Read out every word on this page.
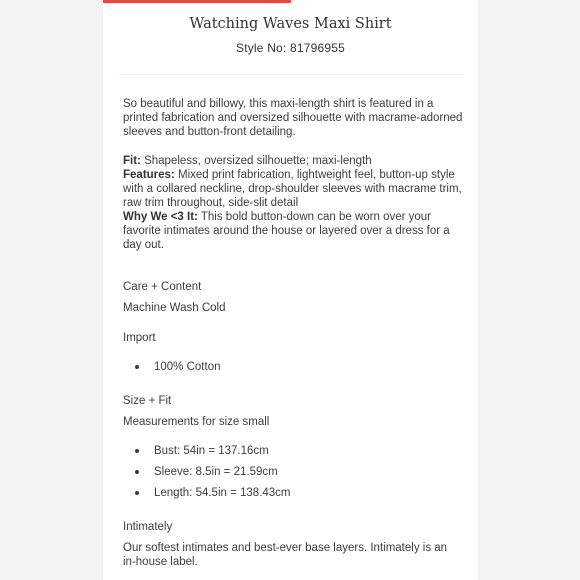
Watching Waves Maxi Shirt
Style No: 81796955

So beautiful and billowy, this maxi-length shirt is featured in a printed fabrication and oversized silhouette with macrame-adorned sleeves and button-front detailing.

Fit: Shapeless, oversized silhouette; maxi-length

Features: Mixed print fabrication, lightweight feel, button-up style with a collared neckline, drop-shoulder sleeves with macrame trim, raw trim throughout, side-slit detail

Why We <3 It: This bold button-down can be worn over your favorite intimates around the house or layered over a dress for a day out.

Care + Content
Machine Wash Cold
Import
100% Cotton
Size + Fit
Measurements for size small
Bust: 54in = 137.16cm
Sleeve: 8.5in = 21.59cm
Length: 54.5in = 138.43cm
Intimately
Our softest intimates and best-ever base layers. Intimately is an in-house label.
